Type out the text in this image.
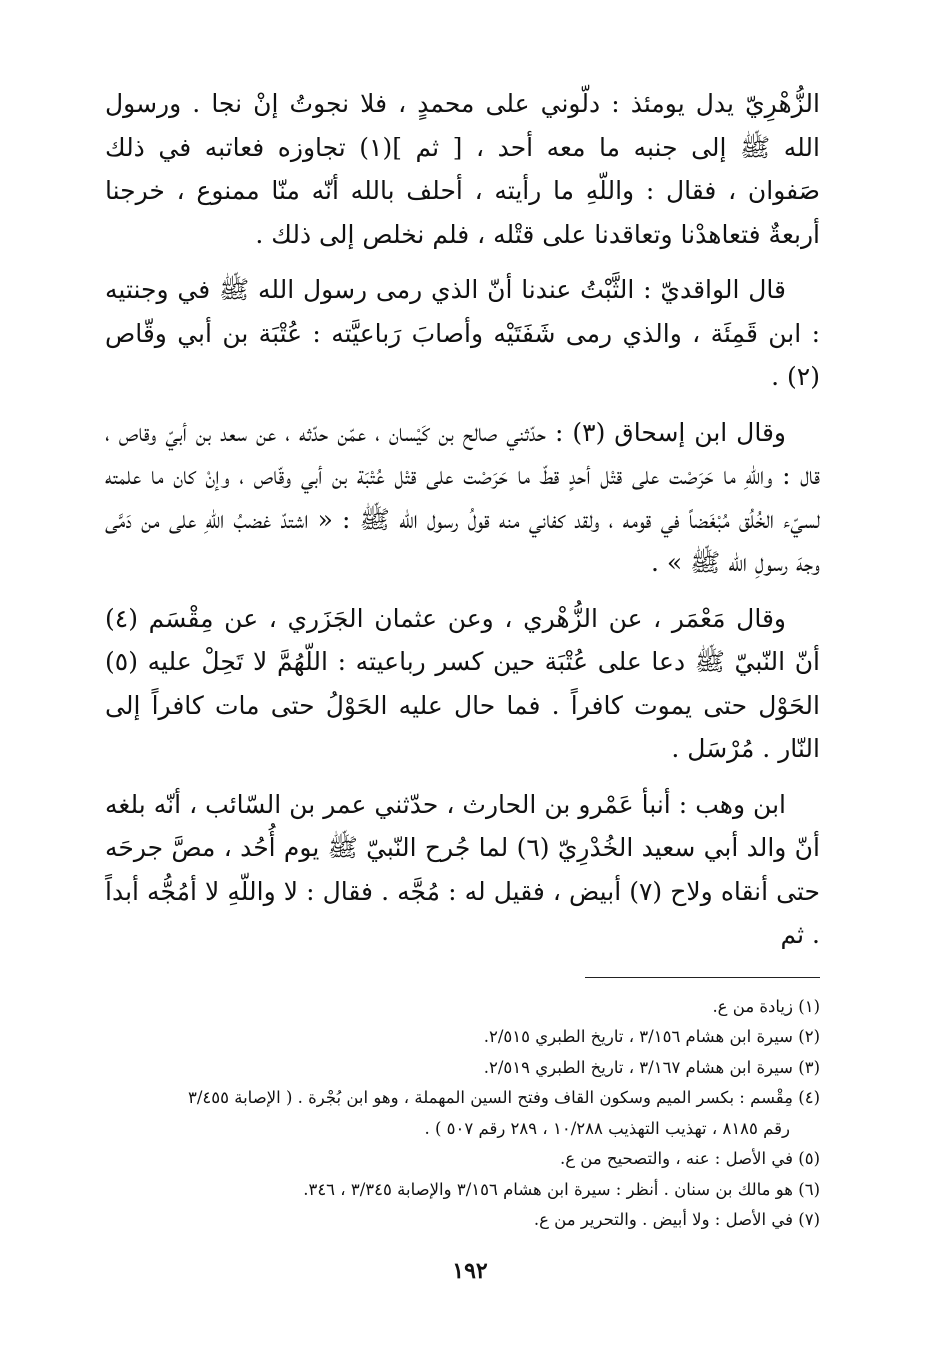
الزُّهْرِيّ يدل يومئذ : دلّوني على محمدٍ ، فلا نجوتُ إنْ نجا . ورسول الله ﷺ إلى جنبه ما معه أحد ، [ ثم ](١) تجاوزه فعاتبه في ذلك صَفوان ، فقال : واللّهِ ما رأيته ، أحلف بالله أنّه منّا ممنوع ، خرجنا أربعةٌ فتعاهدْنا وتعاقدنا على قتْله ، فلم نخلص إلى ذلك .

قال الواقديّ : الثَّبْتُ عندنا أنّ الذي رمى رسول الله ﷺ في وجنتيه : ابن قَمِئَة ، والذي رمى شَفَتَيْه وأصابَ رَباعيَّته : عُتْبَة بن أبي وقّاص (٢) .

وقال ابن إسحاق (٣) : حدّثني صالح بن كَيْسان ، عمّن حدّثه ، عن سعد بن أبيّ وقاص ، قال : واللّهِ ما حَرَصْت على قتْل أحدٍ قطّ ما حَرَصْت على قتْل عُتْبَة بن أبي وقّاص ، وإنْ كان ما علمته لسيّء الخُلُق مُبْغَضاً في قومه ، ولقد كفاني منه قولُ رسول الله ﷺ : « اشتدّ غضبُ اللّهِ على من دَمَّى وجهَ رسولِ الله ﷺ » .

وقال مَعْمَر ، عن الزُّهْري ، وعن عثمان الجَزَري ، عن مِقْسَم (٤) أنّ النّبيّ ﷺ دعا على عُتْبَة حين كسر رباعيته : اللّهُمَّ لا تَحِلْ عليه (٥) الحَوْل حتى يموت كافراً . فما حال عليه الحَوْلُ حتى مات كافراً إلى النّار . مُرْسَل .

ابن وهب : أنبأ عَمْرو بن الحارث ، حدّثني عمر بن السّائب ، أنّه بلغه أنّ والد أبي سعيد الخُدْرِيّ (٦) لما جُرح النّبيّ ﷺ يوم أُحُد ، مصَّ جرحَه حتى أنقاه ولاح (٧) أبيض ، فقيل له : مُجَّه . فقال : لا واللّهِ لا أمُجُّه أبداً . ثم

(١) زيادة من ع.

(٢) سيرة ابن هشام ٣/١٥٦ ، تاريخ الطبري ٢/٥١٥.

(٣) سيرة ابن هشام ٣/١٦٧ ، تاريخ الطبري ٢/٥١٩.

(٤) مِقْسم : بكسر الميم وسكون القاف وفتح السين المهملة ، وهو ابن بُجْرة . ( الإصابة ٣/٤٥٥

رقم ٨١٨٥ ، تهذيب التهذيب ١٠/٢٨٨ ، ٢٨٩ رقم ٥٠٧ ) .

(٥) في الأصل : عنه ، والتصحيح من ع.

(٦) هو مالك بن سنان . أنظر : سيرة ابن هشام ٣/١٥٦ والإصابة ٣/٣٤٥ ، ٣٤٦.

(٧) في الأصل : ولا أبيض . والتحرير من ع.

١٩٢
